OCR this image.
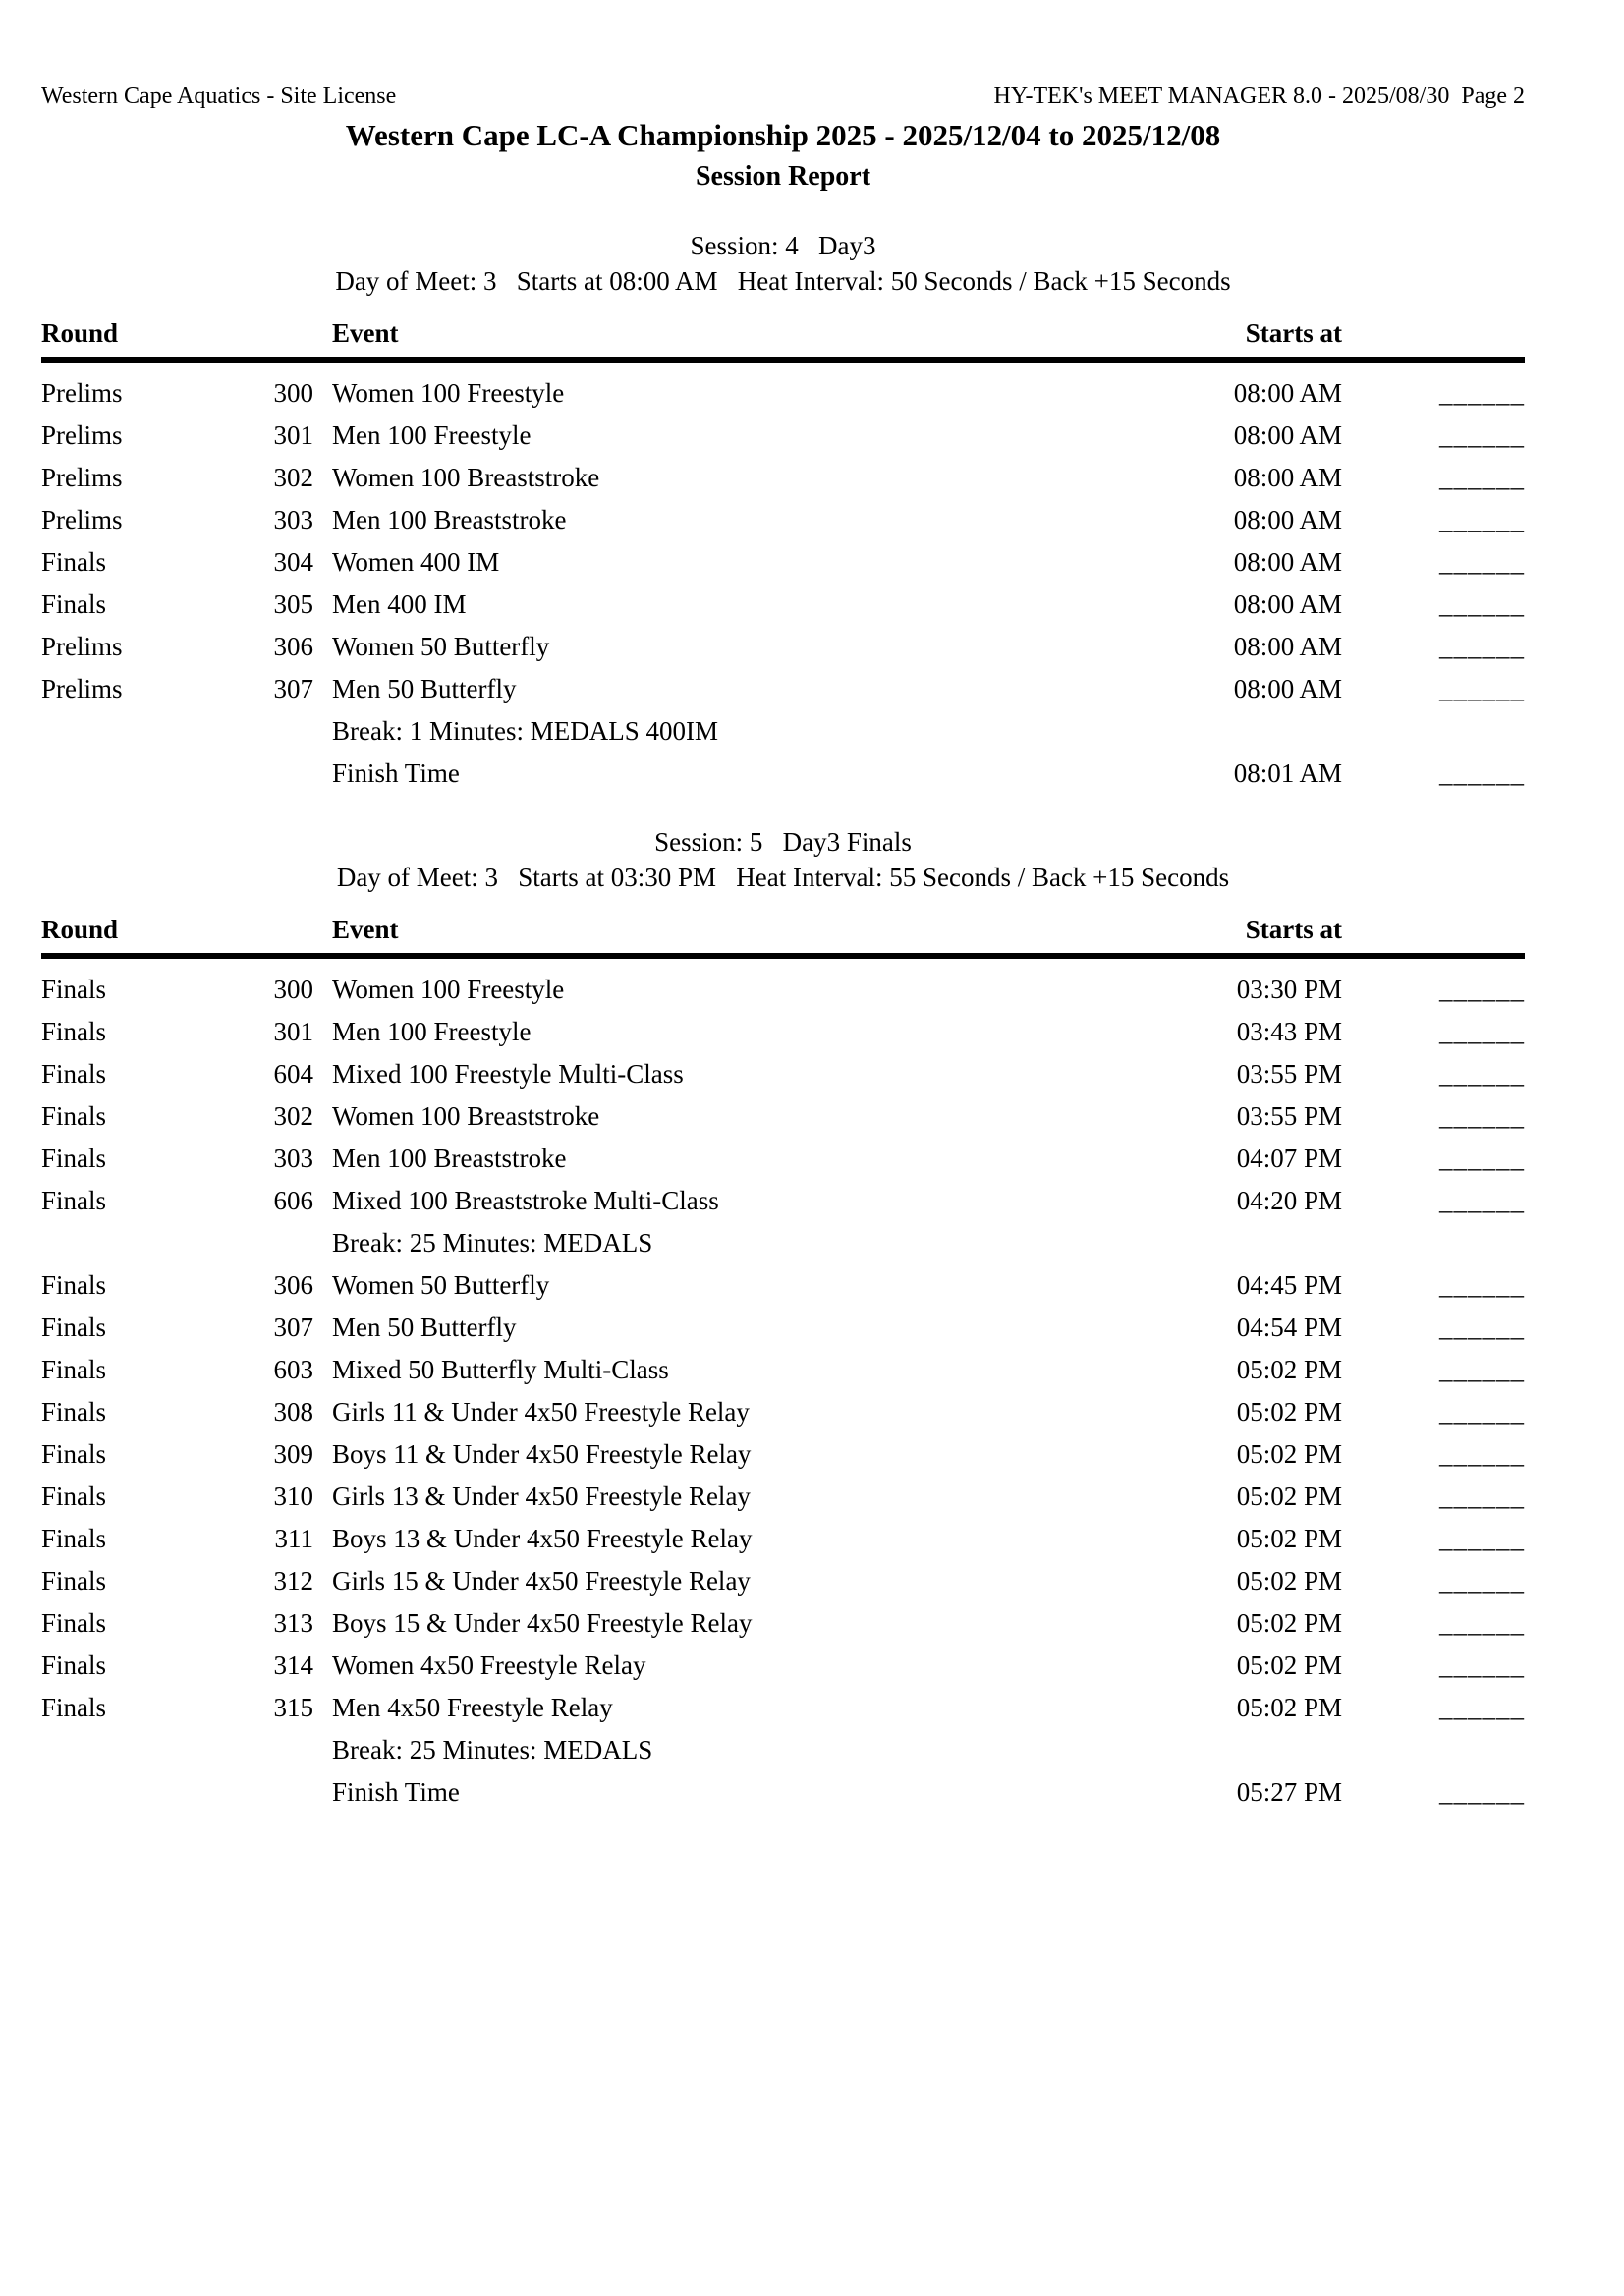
Western Cape Aquatics - Site License	HY-TEK's MEET MANAGER 8.0 - 2025/08/30  Page 2
Western Cape LC-A Championship 2025 - 2025/12/04 to 2025/12/08
Session Report
Session: 4   Day3
Day of Meet: 3   Starts at 08:00 AM   Heat Interval: 50 Seconds / Back +15 Seconds
Round	Event	Starts at
Prelims	300 Women 100 Freestyle	08:00 AM	______
Prelims	301 Men 100 Freestyle	08:00 AM	______
Prelims	302 Women 100 Breaststroke	08:00 AM	______
Prelims	303 Men 100 Breaststroke	08:00 AM	______
Finals	304 Women 400 IM	08:00 AM	______
Finals	305 Men 400 IM	08:00 AM	______
Prelims	306 Women 50 Butterfly	08:00 AM	______
Prelims	307 Men 50 Butterfly	08:00 AM	______
Break: 1 Minutes: MEDALS 400IM
Finish Time	08:01 AM	______
Session: 5   Day3 Finals
Day of Meet: 3   Starts at 03:30 PM   Heat Interval: 55 Seconds / Back +15 Seconds
Round	Event	Starts at
Finals	300 Women 100 Freestyle	03:30 PM	______
Finals	301 Men 100 Freestyle	03:43 PM	______
Finals	604 Mixed 100 Freestyle Multi-Class	03:55 PM	______
Finals	302 Women 100 Breaststroke	03:55 PM	______
Finals	303 Men 100 Breaststroke	04:07 PM	______
Finals	606 Mixed 100 Breaststroke Multi-Class	04:20 PM	______
Break: 25 Minutes: MEDALS
Finals	306 Women 50 Butterfly	04:45 PM	______
Finals	307 Men 50 Butterfly	04:54 PM	______
Finals	603 Mixed 50 Butterfly Multi-Class	05:02 PM	______
Finals	308 Girls 11 & Under 4x50 Freestyle Relay	05:02 PM	______
Finals	309 Boys 11 & Under 4x50 Freestyle Relay	05:02 PM	______
Finals	310 Girls 13 & Under 4x50 Freestyle Relay	05:02 PM	______
Finals	311 Boys 13 & Under 4x50 Freestyle Relay	05:02 PM	______
Finals	312 Girls 15 & Under 4x50 Freestyle Relay	05:02 PM	______
Finals	313 Boys 15 & Under 4x50 Freestyle Relay	05:02 PM	______
Finals	314 Women 4x50 Freestyle Relay	05:02 PM	______
Finals	315 Men 4x50 Freestyle Relay	05:02 PM	______
Break: 25 Minutes: MEDALS
Finish Time	05:27 PM	______
